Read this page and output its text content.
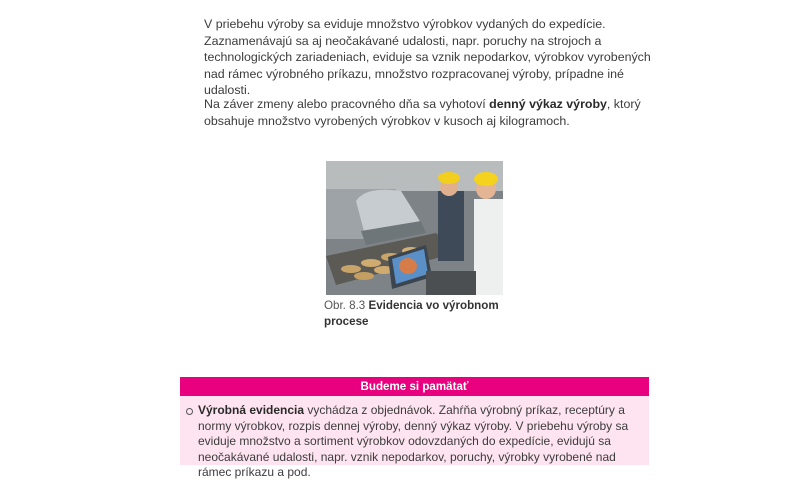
V priebehu výroby sa eviduje množstvo výrobkov vydaných do expedície. Zaznamenávajú sa aj neočakávané udalosti, napr. poruchy na strojoch a technologických zariadeniach, eviduje sa vznik nepodarkov, výrobkov vyrobených nad rámec výrobného príkazu, množstvo rozpracovanej výroby, prípadne iné udalosti.

Na záver zmeny alebo pracovného dňa sa vyhotoví denný výkaz výroby, ktorý obsahuje množstvo vyrobených výrobkov v kusoch aj kilogramoch.

Obr. 8.3 Evidencia vo výrobnom procese

Budeme si pamätať
Výrobná evidencia vychádza z objednávok. Zahŕňa výrobný príkaz, receptúry a normy výrobkov, rozpis dennej výroby, denný výkaz výroby. V priebehu výroby sa eviduje množstvo a sortiment výrobkov odovzdaných do expedície, evidujú sa neočakávané udalosti, napr. vznik nepodarkov, poruchy, výrobky vyrobené nad rámec príkazu a pod.
